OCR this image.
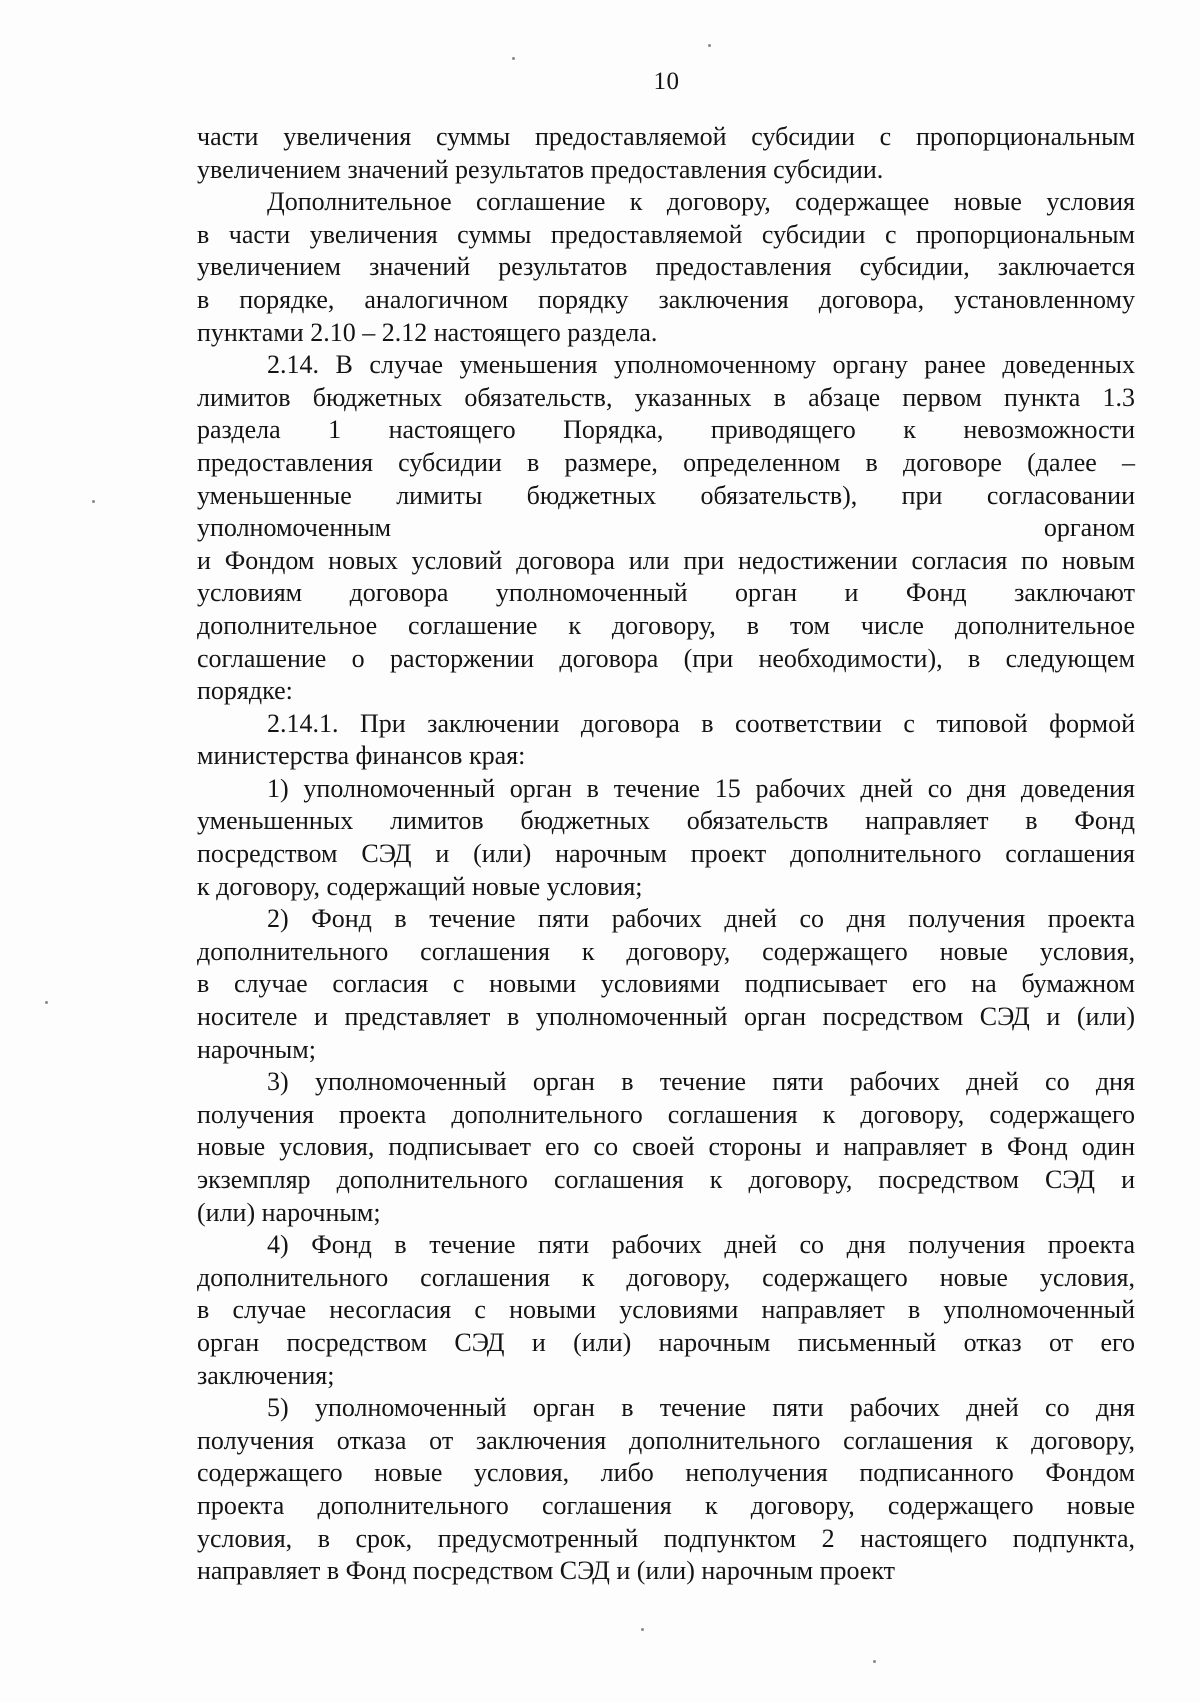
10

части увеличения суммы предоставляемой субсидии с пропорциональным
увеличением значений результатов предоставления субсидии.

Дополнительное соглашение к договору, содержащее новые условия
в части увеличения суммы предоставляемой субсидии с пропорциональным
увеличением значений результатов предоставления субсидии, заключается
в порядке, аналогичном порядку заключения договора, установленному
пунктами 2.10 – 2.12 настоящего раздела.

2.14. В случае уменьшения уполномоченному органу ранее доведенных
лимитов бюджетных обязательств, указанных в абзаце первом пункта 1.3
раздела 1 настоящего Порядка, приводящего к невозможности
предоставления субсидии в размере, определенном в договоре (далее –
уменьшенные лимиты бюджетных обязательств), при согласовании
уполномоченным органом
и Фондом новых условий договора или при недостижении согласия по новым
условиям договора уполномоченный орган и Фонд заключают
дополнительное соглашение к договору, в том числе дополнительное
соглашение о расторжении договора (при необходимости), в следующем
порядке:

2.14.1. При заключении договора в соответствии с типовой формой
министерства финансов края:

1) уполномоченный орган в течение 15 рабочих дней со дня доведения
уменьшенных лимитов бюджетных обязательств направляет в Фонд
посредством СЭД и (или) нарочным проект дополнительного соглашения
к договору, содержащий новые условия;

2) Фонд в течение пяти рабочих дней со дня получения проекта
дополнительного соглашения к договору, содержащего новые условия,
в случае согласия с новыми условиями подписывает его на бумажном
носителе и представляет в уполномоченный орган посредством СЭД и (или)
нарочным;

3) уполномоченный орган в течение пяти рабочих дней со дня
получения проекта дополнительного соглашения к договору, содержащего
новые условия, подписывает его со своей стороны и направляет в Фонд один
экземпляр дополнительного соглашения к договору, посредством СЭД и
(или) нарочным;

4) Фонд в течение пяти рабочих дней со дня получения проекта
дополнительного соглашения к договору, содержащего новые условия,
в случае несогласия с новыми условиями направляет в уполномоченный
орган посредством СЭД и (или) нарочным письменный отказ от его
заключения;

5) уполномоченный орган в течение пяти рабочих дней со дня
получения отказа от заключения дополнительного соглашения к договору,
содержащего новые условия, либо неполучения подписанного Фондом
проекта дополнительного соглашения к договору, содержащего новые
условия, в срок, предусмотренный подпунктом 2 настоящего подпункта,
направляет в Фонд посредством СЭД и (или) нарочным проект
